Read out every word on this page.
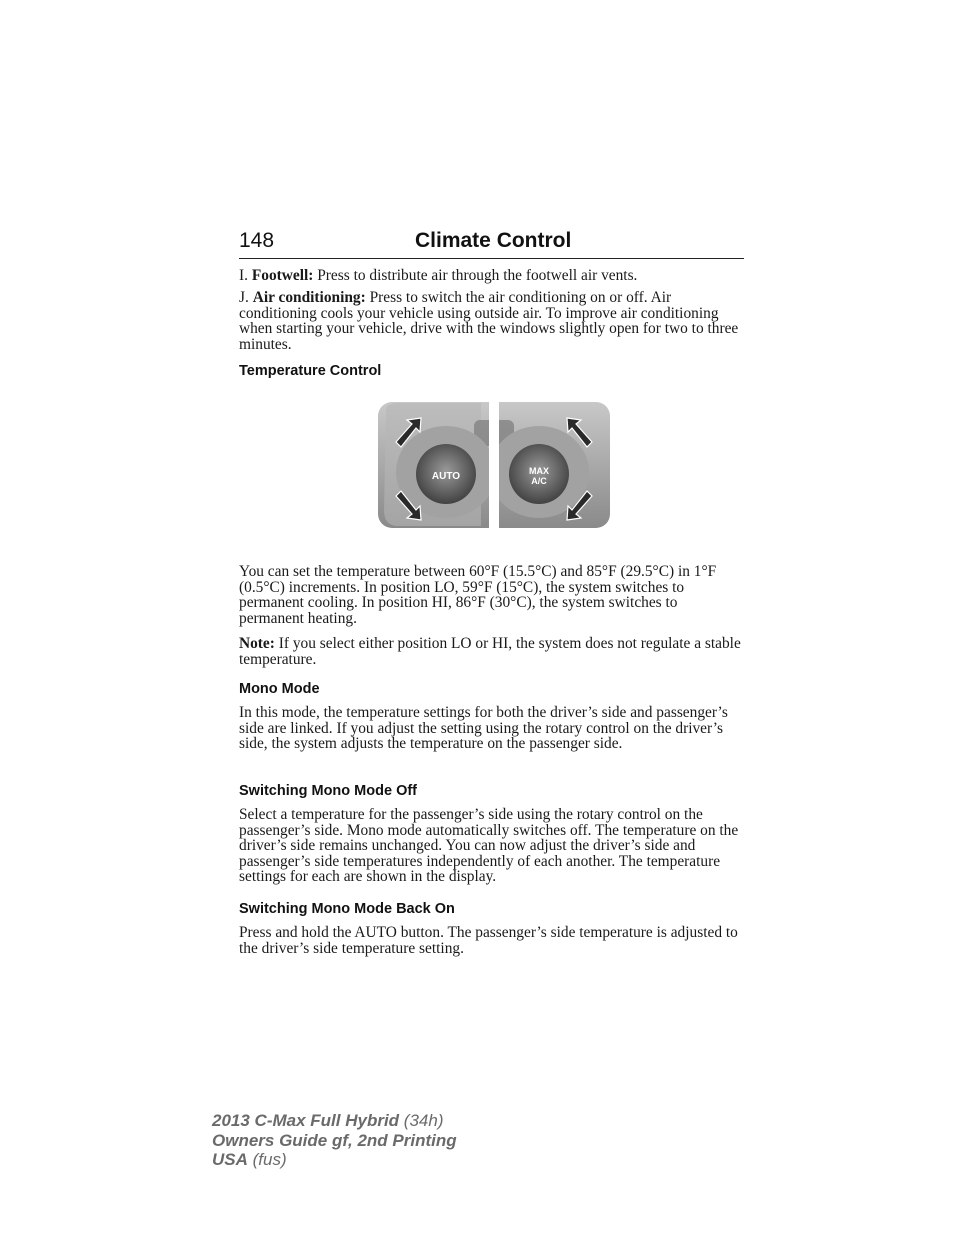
148	Climate Control
I. Footwell: Press to distribute air through the footwell air vents.
J. Air conditioning: Press to switch the air conditioning on or off. Air conditioning cools your vehicle using outside air. To improve air conditioning when starting your vehicle, drive with the windows slightly open for two to three minutes.
Temperature Control
AUTO	MAX
A/C
You can set the temperature between 60°F (15.5°C) and 85°F (29.5°C) in 1°F (0.5°C) increments. In position LO, 59°F (15°C), the system switches to permanent cooling. In position HI, 86°F (30°C), the system switches to permanent heating.
Note: If you select either position LO or HI, the system does not regulate a stable temperature.
Mono Mode
In this mode, the temperature settings for both the driver’s side and passenger’s side are linked. If you adjust the setting using the rotary control on the driver’s side, the system adjusts the temperature on the passenger side.
Switching Mono Mode Off
Select a temperature for the passenger’s side using the rotary control on the passenger’s side. Mono mode automatically switches off. The temperature on the driver’s side remains unchanged. You can now adjust the driver’s side and passenger’s side temperatures independently of each another. The temperature settings for each are shown in the display.
Switching Mono Mode Back On
Press and hold the AUTO button. The passenger’s side temperature is adjusted to the driver’s side temperature setting.
2013 C-Max Full Hybrid (34h)
Owners Guide gf, 2nd Printing
USA (fus)
